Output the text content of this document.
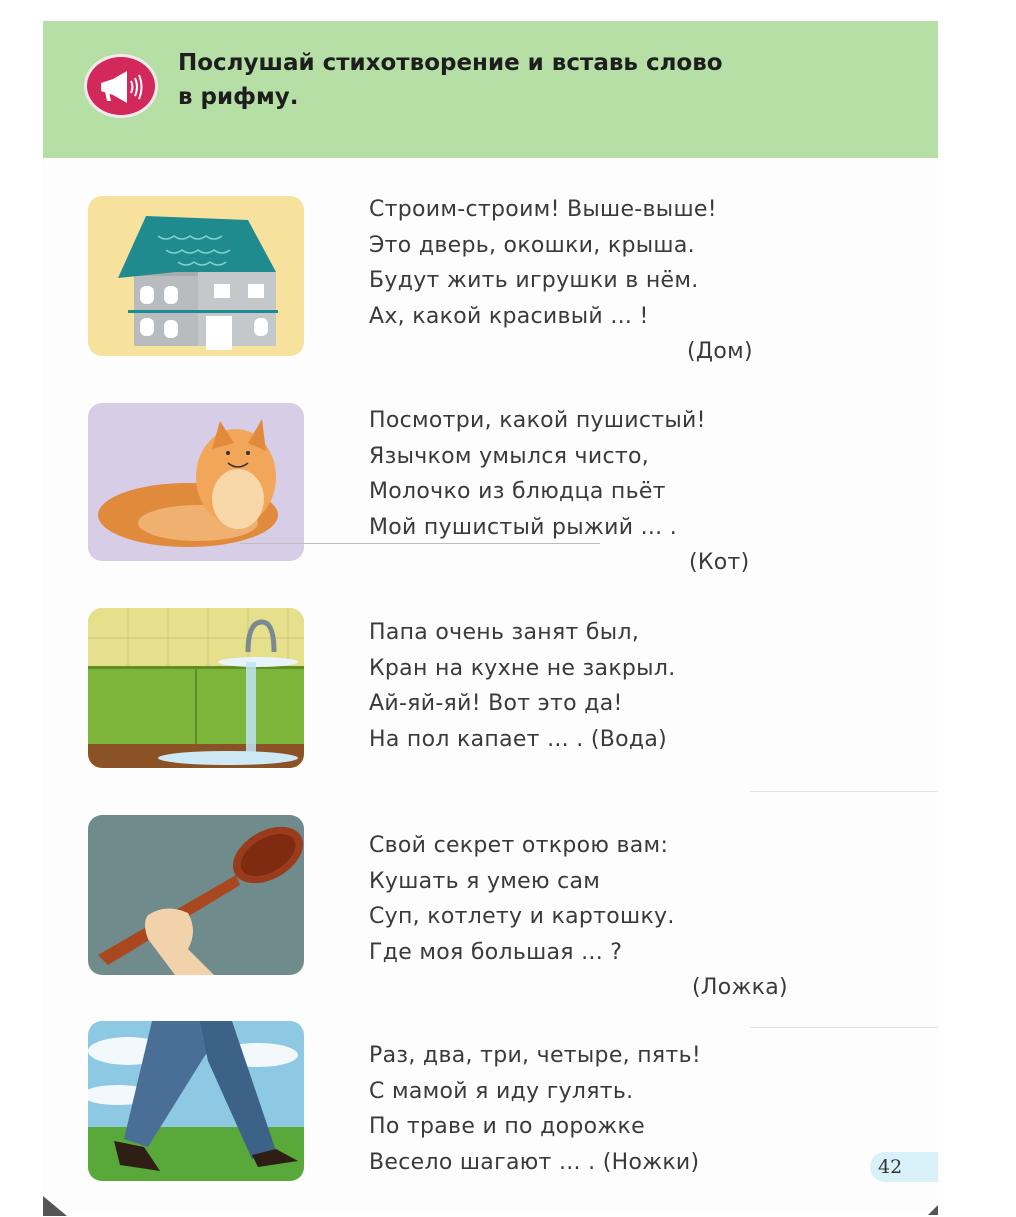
Послушай стихотворение и вставь слово
в рифму.
Строим-строим! Выше-выше!
Это дверь, окошки, крыша.
Будут жить игрушки в нём.
Ах, какой красивый ... !
(Дом)
Посмотри, какой пушистый!
Язычком умылся чисто,
Молочко из блюдца пьёт
Мой пушистый рыжий ... .
(Кот)
Папа очень занят был,
Кран на кухне не закрыл.
Ай-яй-яй! Вот это да!
На пол капает ... . (Вода)
Свой секрет открою вам:
Кушать я умею сам
Суп, котлету и картошку.
Где моя большая ... ?
(Ложка)
Раз, два, три, четыре, пять!
С мамой я иду гулять.
По траве и по дорожке
Весело шагают ... . (Ножки)	42
